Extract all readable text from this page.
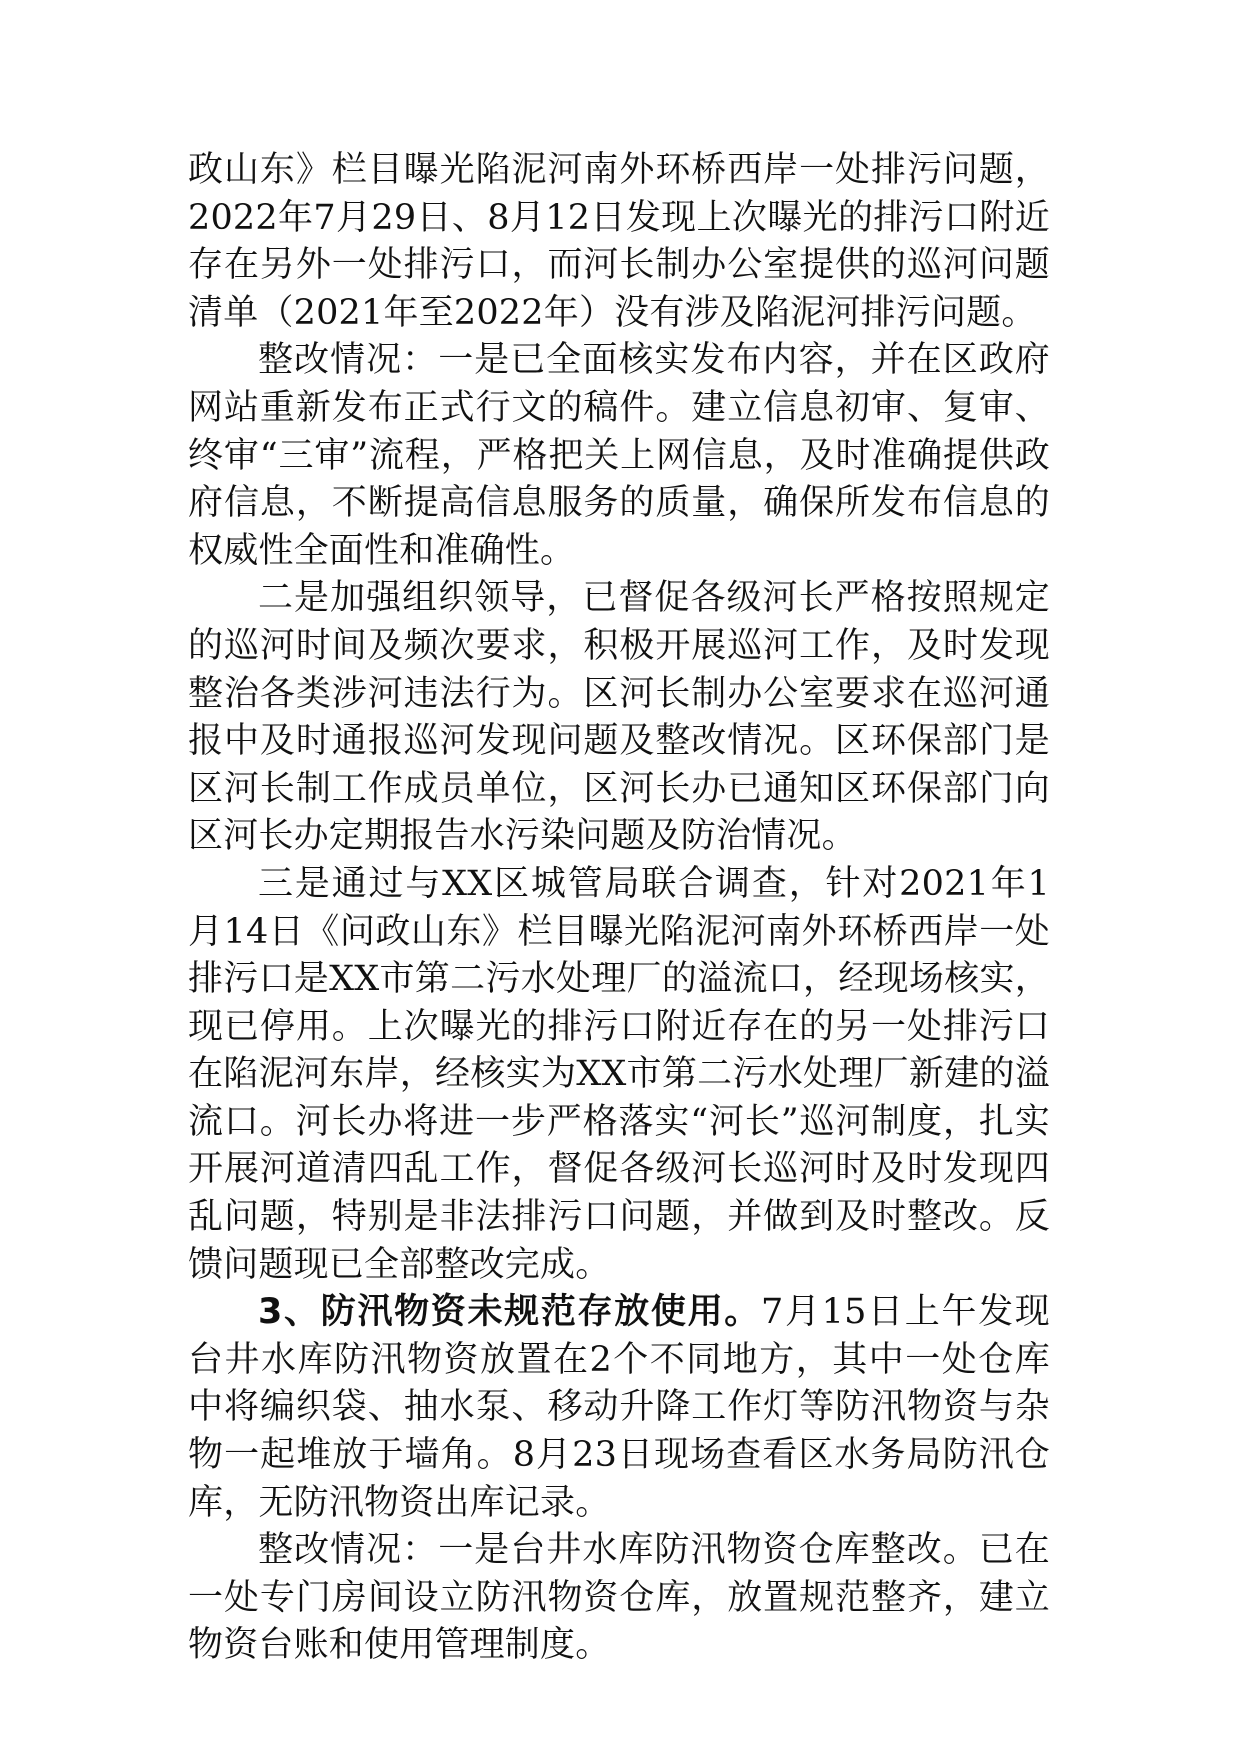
政山东》栏目曝光陷泥河南外环桥西岸一处排污问题，2022年7月29日、8月12日发现上次曝光的排污口附近存在另外一处排污口，而河长制办公室提供的巡河问题清单（2021年至2022年）没有涉及陷泥河排污问题。

整改情况：一是已全面核实发布内容，并在区政府网站重新发布正式行文的稿件。建立信息初审、复审、终审“三审”流程，严格把关上网信息，及时准确提供政府信息，不断提高信息服务的质量，确保所发布信息的权威性全面性和准确性。

二是加强组织领导，已督促各级河长严格按照规定的巡河时间及频次要求，积极开展巡河工作，及时发现整治各类涉河违法行为。区河长制办公室要求在巡河通报中及时通报巡河发现问题及整改情况。区环保部门是区河长制工作成员单位，区河长办已通知区环保部门向区河长办定期报告水污染问题及防治情况。

三是通过与XX区城管局联合调查，针对2021年1月14日《问政山东》栏目曝光陷泥河南外环桥西岸一处排污口是XX市第二污水处理厂的溢流口，经现场核实，现已停用。上次曝光的排污口附近存在的另一处排污口在陷泥河东岸，经核实为XX市第二污水处理厂新建的溢流口。河长办将进一步严格落实“河长”巡河制度，扎实开展河道清四乱工作，督促各级河长巡河时及时发现四乱问题，特别是非法排污口问题，并做到及时整改。反馈问题现已全部整改完成。

3、防汛物资未规范存放使用。7月15日上午发现台井水库防汛物资放置在2个不同地方，其中一处仓库中将编织袋、抽水泵、移动升降工作灯等防汛物资与杂物一起堆放于墙角。8月23日现场查看区水务局防汛仓库，无防汛物资出库记录。

整改情况：一是台井水库防汛物资仓库整改。已在一处专门房间设立防汛物资仓库，放置规范整齐，建立物资台账和使用管理制度。
